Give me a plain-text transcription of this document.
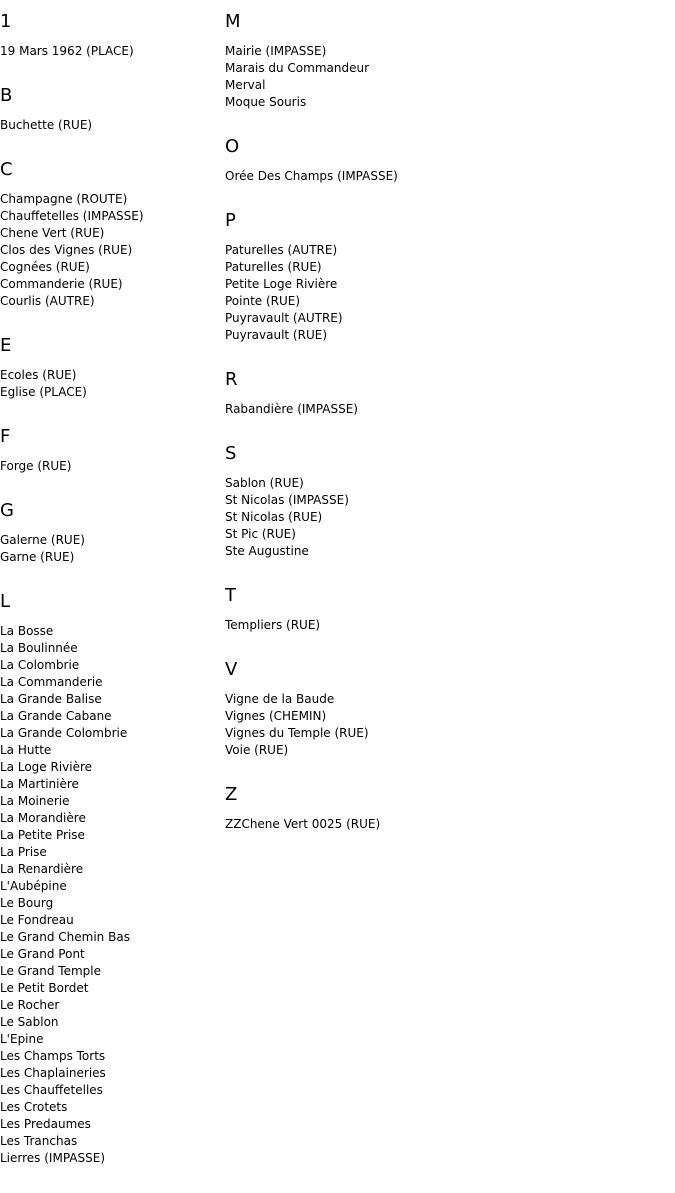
1
19 Mars 1962 (PLACE)
B
Buchette (RUE)
C
Champagne (ROUTE)
Chauffetelles (IMPASSE)
Chene Vert (RUE)
Clos des Vignes (RUE)
Cognées (RUE)
Commanderie (RUE)
Courlis (AUTRE)
E
Ecoles (RUE)
Eglise (PLACE)
F
Forge (RUE)
G
Galerne (RUE)
Garne (RUE)
L
La Bosse
La Boulinnée
La Colombrie
La Commanderie
La Grande Balise
La Grande Cabane
La Grande Colombrie
La Hutte
La Loge Rivière
La Martinière
La Moinerie
La Morandière
La Petite Prise
La Prise
La Renardière
L'Aubépine
Le Bourg
Le Fondreau
Le Grand Chemin Bas
Le Grand Pont
Le Grand Temple
Le Petit Bordet
Le Rocher
Le Sablon
L'Epine
Les Champs Torts
Les Chaplaineries
Les Chauffetelles
Les Crotets
Les Predaumes
Les Tranchas
Lierres (IMPASSE)
M
Mairie (IMPASSE)
Marais du Commandeur
Merval
Moque Souris
O
Orée Des Champs (IMPASSE)
P
Paturelles (AUTRE)
Paturelles (RUE)
Petite Loge Rivière
Pointe (RUE)
Puyravault (AUTRE)
Puyravault (RUE)
R
Rabandière (IMPASSE)
S
Sablon (RUE)
St Nicolas (IMPASSE)
St Nicolas (RUE)
St Pic (RUE)
Ste Augustine
T
Templiers (RUE)
V
Vigne de la Baude
Vignes (CHEMIN)
Vignes du Temple (RUE)
Voie (RUE)
Z
ZZChene Vert 0025 (RUE)
